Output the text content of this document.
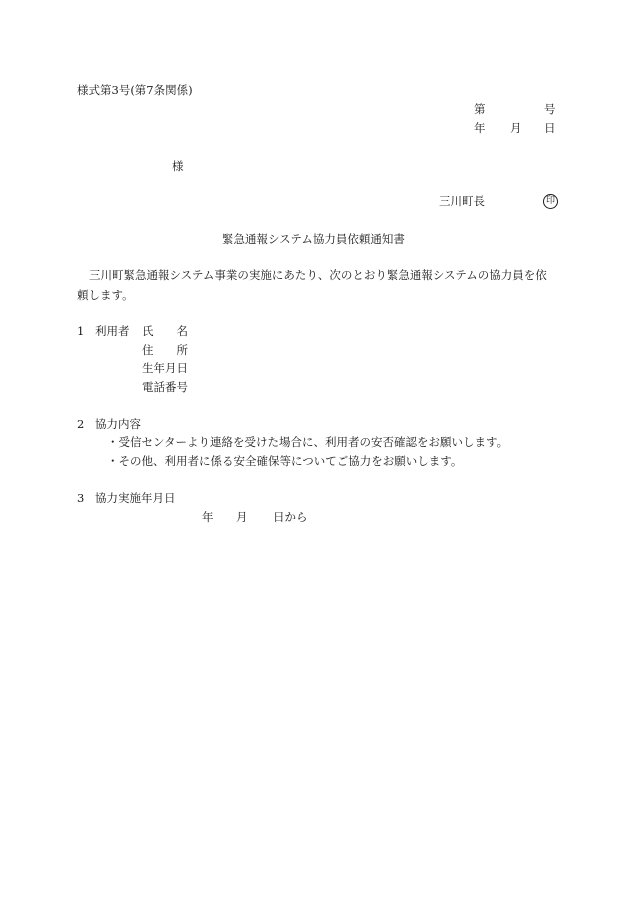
様式第3号(第7条関係)
第	号
年 月 日
様
三川町長	印
緊急通報システム協力員依頼通知書
三川町緊急通報システム事業の実施にあたり、次のとおり緊急通報システムの協力員を依頼します。
1 利用者 氏　　名
住　　所
生年月日
電話番号
2 協力内容
・受信センターより連絡を受けた場合に、利用者の安否確認をお願いします。
・その他、利用者に係る安全確保等についてご協力をお願いします。
3 協力実施年月日
年 月 日から
